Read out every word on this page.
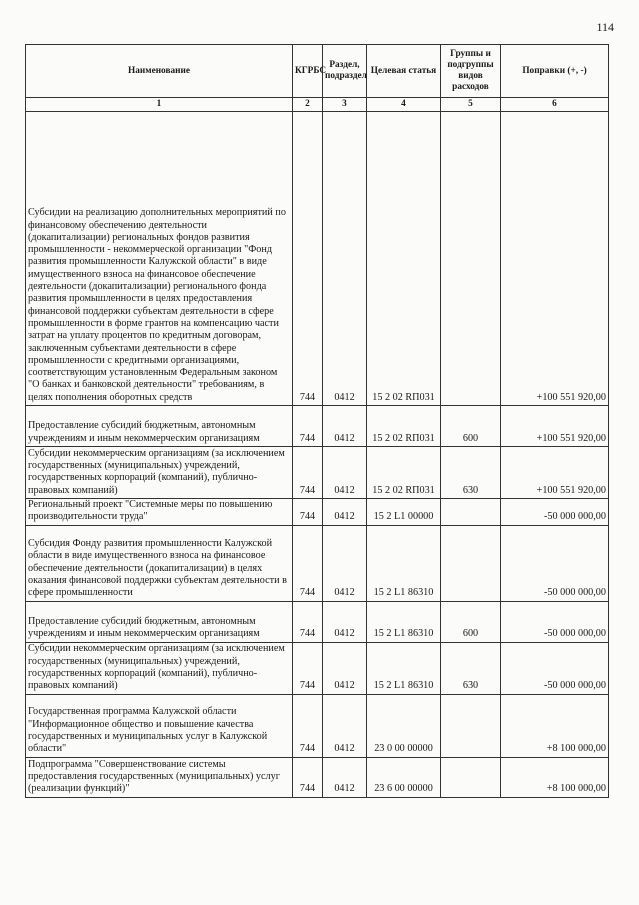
114
Наименование	КГРБС	Раздел, подраздел	Целевая статья	Группы и подгруппы видов расходов	Поправки (+, -)
1	2	3	4	5	6
Субсидии на реализацию дополнительных мероприятий по финансовому обеспечению деятельности (докапитализации) региональных фондов развития промышленности - некоммерческой организации "Фонд развития промышленности Калужской области" в виде имущественного взноса на финансовое обеспечение деятельности (докапитализации) регионального фонда развития промышленности в целях предоставления финансовой поддержки субъектам деятельности в сфере промышленности в форме грантов на компенсацию части затрат на уплату процентов по кредитным договорам, заключенным субъектами деятельности в сфере промышленности с кредитными организациями, соответствующим установленным Федеральным законом "О банках и банковской деятельности" требованиям, в целях пополнения оборотных средств	744	0412	15 2 02 RП031		+100 551 920,00
Предоставление субсидий бюджетным, автономным учреждениям и иным некоммерческим организациям	744	0412	15 2 02 RП031	600	+100 551 920,00
Субсидии некоммерческим организациям (за исключением государственных (муниципальных) учреждений, государственных корпораций (компаний), публично-правовых компаний)	744	0412	15 2 02 RП031	630	+100 551 920,00
Региональный проект "Системные меры по повышению производительности труда"	744	0412	15 2 L1 00000		-50 000 000,00
Субсидия Фонду развития промышленности Калужской области в виде имущественного взноса на финансовое обеспечение деятельности (докапитализации) в целях оказания финансовой поддержки субъектам деятельности в сфере промышленности	744	0412	15 2 L1 86310		-50 000 000,00
Предоставление субсидий бюджетным, автономным учреждениям и иным некоммерческим организациям	744	0412	15 2 L1 86310	600	-50 000 000,00
Субсидии некоммерческим организациям (за исключением государственных (муниципальных) учреждений, государственных корпораций (компаний), публично-правовых компаний)	744	0412	15 2 L1 86310	630	-50 000 000,00
Государственная программа Калужской области "Информационное общество и повышение качества государственных и муниципальных услуг в Калужской области"	744	0412	23 0 00 00000		+8 100 000,00
Подпрограмма "Совершенствование системы предоставления государственных (муниципальных) услуг (реализации функций)"	744	0412	23 6 00 00000		+8 100 000,00
